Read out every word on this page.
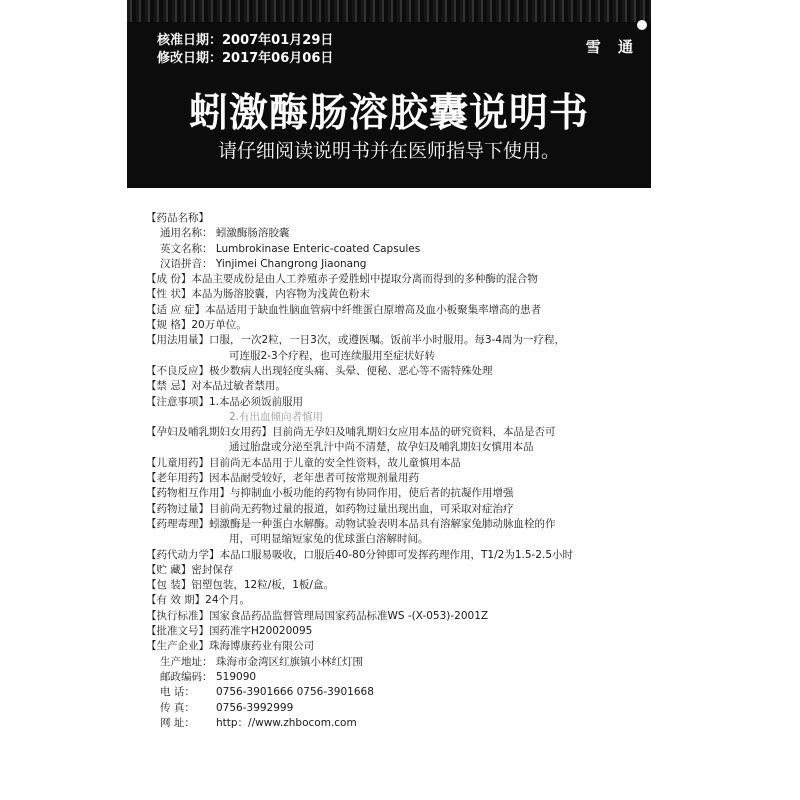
核准日期：2007年01月29日
修改日期：2017年06月06日
雪 通
蚓激酶肠溶胶囊说明书
请仔细阅读说明书并在医师指导下使用。
【药品名称】
通用名称： 蚓激酶肠溶胶囊
英文名称： Lumbrokinase Enteric-coated Capsules
汉语拼音： Yinjimei Changrong Jiaonang
【成 份】本品主要成份是由人工养殖赤子爱胜蚓中提取分离而得到的多种酶的混合物
【性 状】本品为肠溶胶囊，内容物为浅黄色粉末
【适 应 症】本品适用于缺血性脑血管病中纤维蛋白原增高及血小板聚集率增高的患者
【规 格】20万单位。
【用法用量】口服，一次2粒，一日3次，或遵医嘱。饭前半小时服用。每3-4周为一疗程，
可连服2-3个疗程，也可连续服用至症状好转
【不良反应】极少数病人出现轻度头痛、头晕、便秘、恶心等不需特殊处理
【禁 忌】对本品过敏者禁用。
【注意事项】1.本品必须饭前服用
2.有出血倾向者慎用
【孕妇及哺乳期妇女用药】目前尚无孕妇及哺乳期妇女应用本品的研究资料，本品是否可
通过胎盘或分泌至乳汁中尚不清楚，故孕妇及哺乳期妇女慎用本品
【儿童用药】目前尚无本品用于儿童的安全性资料，故儿童慎用本品
【老年用药】因本品耐受较好，老年患者可按常规剂量用药
【药物相互作用】与抑制血小板功能的药物有协同作用，使后者的抗凝作用增强
【药物过量】目前尚无药物过量的报道，如药物过量出现出血，可采取对症治疗
【药理毒理】蚓激酶是一种蛋白水解酶。动物试验表明本品具有溶解家兔肺动脉血栓的作
用，可明显缩短家兔的优球蛋白溶解时间。
【药代动力学】本品口服易吸收，口服后40-80分钟即可发挥药理作用，T1/2为1.5-2.5小时
【贮 藏】密封保存
【包 装】铝塑包装，12粒/板，1板/盒。
【有 效 期】24个月。
【执行标准】国家食品药品监督管理局国家药品标准WS -(X-053)-2001Z
【批准文号】国药准字H20020095
【生产企业】珠海博康药业有限公司
生产地址： 珠海市金湾区红旗镇小林红灯围
邮政编码： 519090
电 话： 0756-3901666 0756-3901668
传 真： 0756-3992999
网 址： http：//www.zhbocom.com
